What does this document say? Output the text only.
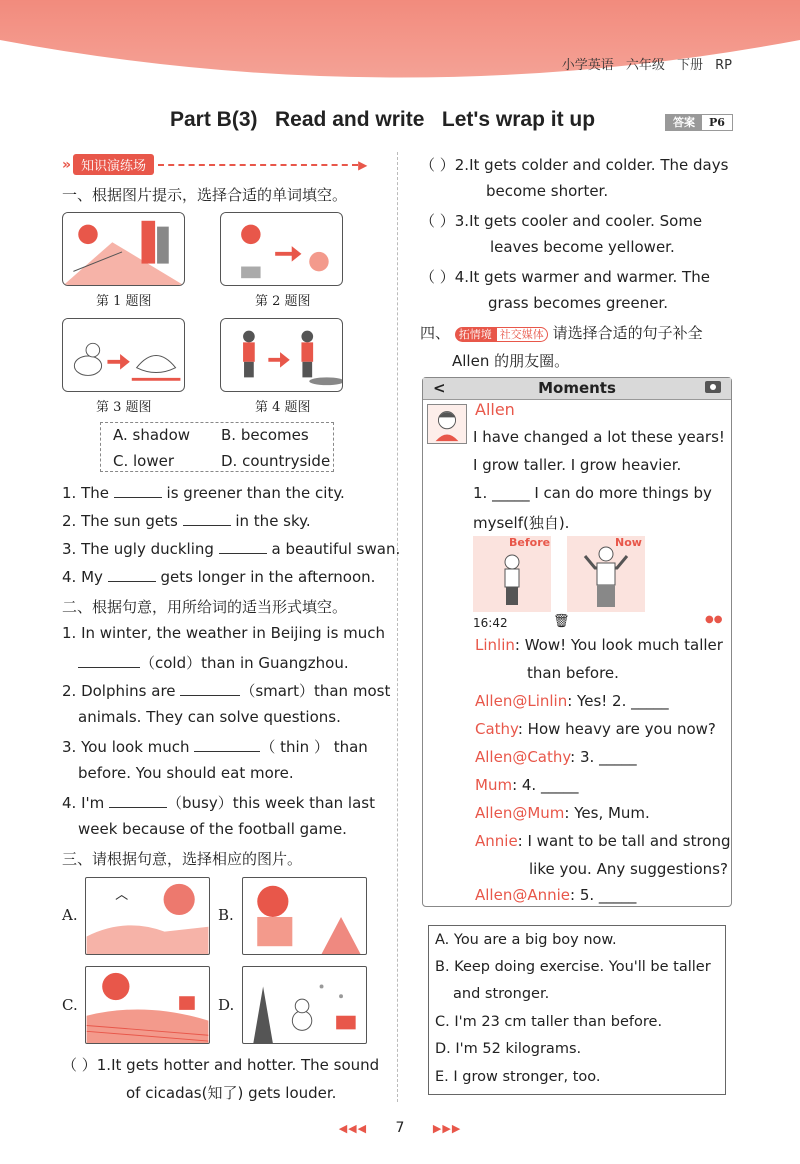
小学英语 六年级 下册 RP
Part B(3)   Read and write   Let's wrap it up	答案	P6
» 知识演练场	▶
一、根据图片提示，选择合适的单词填空。
第 1 题图	第 2 题图
第 3 题图	第 4 题图
A. shadow B. becomes
C. lower	D. countryside
1. The	is greener than the city.
2. The sun gets	in the sky.
3. The ugly duckling	a beautiful swan.
4. My	gets longer in the afternoon.
二、根据句意，用所给词的适当形式填空。
1. In winter, the weather in Beijing is much
（cold）than in Guangzhou.
2. Dolphins are	（smart）than most
animals. They can solve questions.
3. You look much	（ thin ） than
before. You should eat more.
4. I'm	（busy）this week than last
week because of the football game.
三、请根据句意，选择相应的图片。
A.	B.
C.	D.
（ ）1.It gets hotter and hotter. The sound
of cicadas(知了) gets louder.
（ ）2.It gets colder and colder. The days
become shorter.
（ ）3.It gets cooler and cooler. Some
leaves become yellower.
（ ）4.It gets warmer and warmer. The
grass becomes greener.
四、 拓情境 社交媒体 请选择合适的句子补全
Allen 的朋友圈。
<	Moments
Allen
I have changed a lot these years!
I grow taller. I grow heavier.
1. _____ I can do more things by
myself(独自).
Before	Now
16:42	🗑	●●
Linlin: Wow! You look much taller
than before.
Allen@Linlin: Yes! 2. _____
Cathy: How heavy are you now?
Allen@Cathy: 3. _____
Mum: 4. _____
Allen@Mum: Yes, Mum.
Annie: I want to be tall and strong
like you. Any suggestions?
Allen@Annie: 5. _____
A. You are a big boy now.
B. Keep doing exercise. You'll be taller
and stronger.
C. I'm 23 cm taller than before.
D. I'm 52 kilograms.
E. I grow stronger, too.
◀◀◀ 7	▶▶▶
